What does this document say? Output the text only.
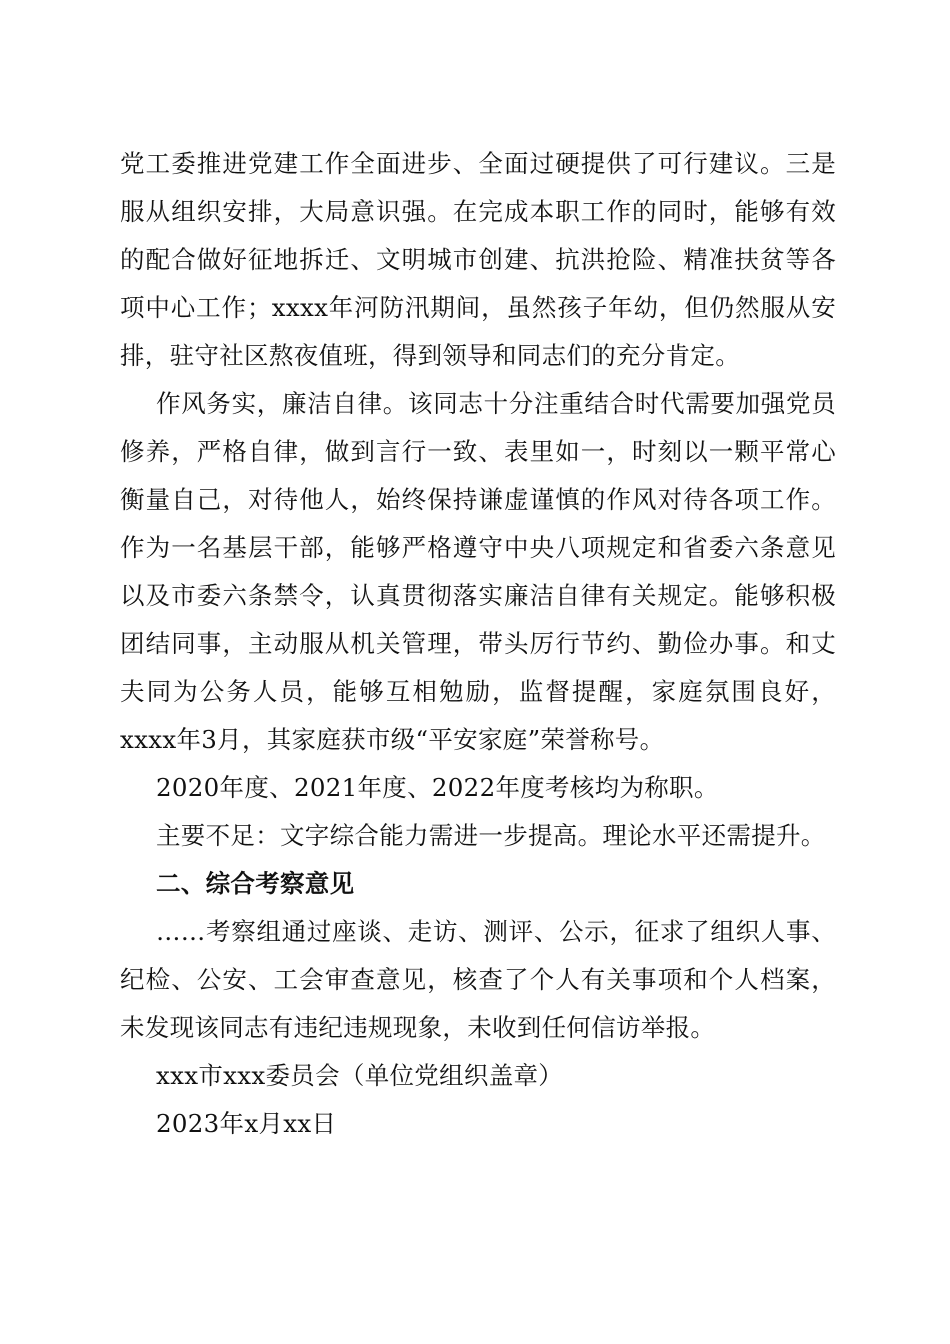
党工委推进党建工作全面进步、全面过硬提供了可行建议。三是服从组织安排，大局意识强。在完成本职工作的同时，能够有效的配合做好征地拆迁、文明城市创建、抗洪抢险、精准扶贫等各项中心工作；xxxx年河防汛期间，虽然孩子年幼，但仍然服从安排，驻守社区熬夜值班，得到领导和同志们的充分肯定。

作风务实，廉洁自律。该同志十分注重结合时代需要加强党员修养，严格自律，做到言行一致、表里如一，时刻以一颗平常心衡量自己，对待他人，始终保持谦虚谨慎的作风对待各项工作。作为一名基层干部，能够严格遵守中央八项规定和省委六条意见以及市委六条禁令，认真贯彻落实廉洁自律有关规定。能够积极团结同事，主动服从机关管理，带头厉行节约、勤俭办事。和丈夫同为公务人员，能够互相勉励，监督提醒，家庭氛围良好，xxxx年3月，其家庭获市级“平安家庭”荣誉称号。

2020年度、2021年度、2022年度考核均为称职。

主要不足：文字综合能力需进一步提高。理论水平还需提升。

二、综合考察意见

……考察组通过座谈、走访、测评、公示，征求了组织人事、纪检、公安、工会审查意见，核查了个人有关事项和个人档案，未发现该同志有违纪违规现象，未收到任何信访举报。

xxx市xxx委员会（单位党组织盖章）

2023年x月xx日
